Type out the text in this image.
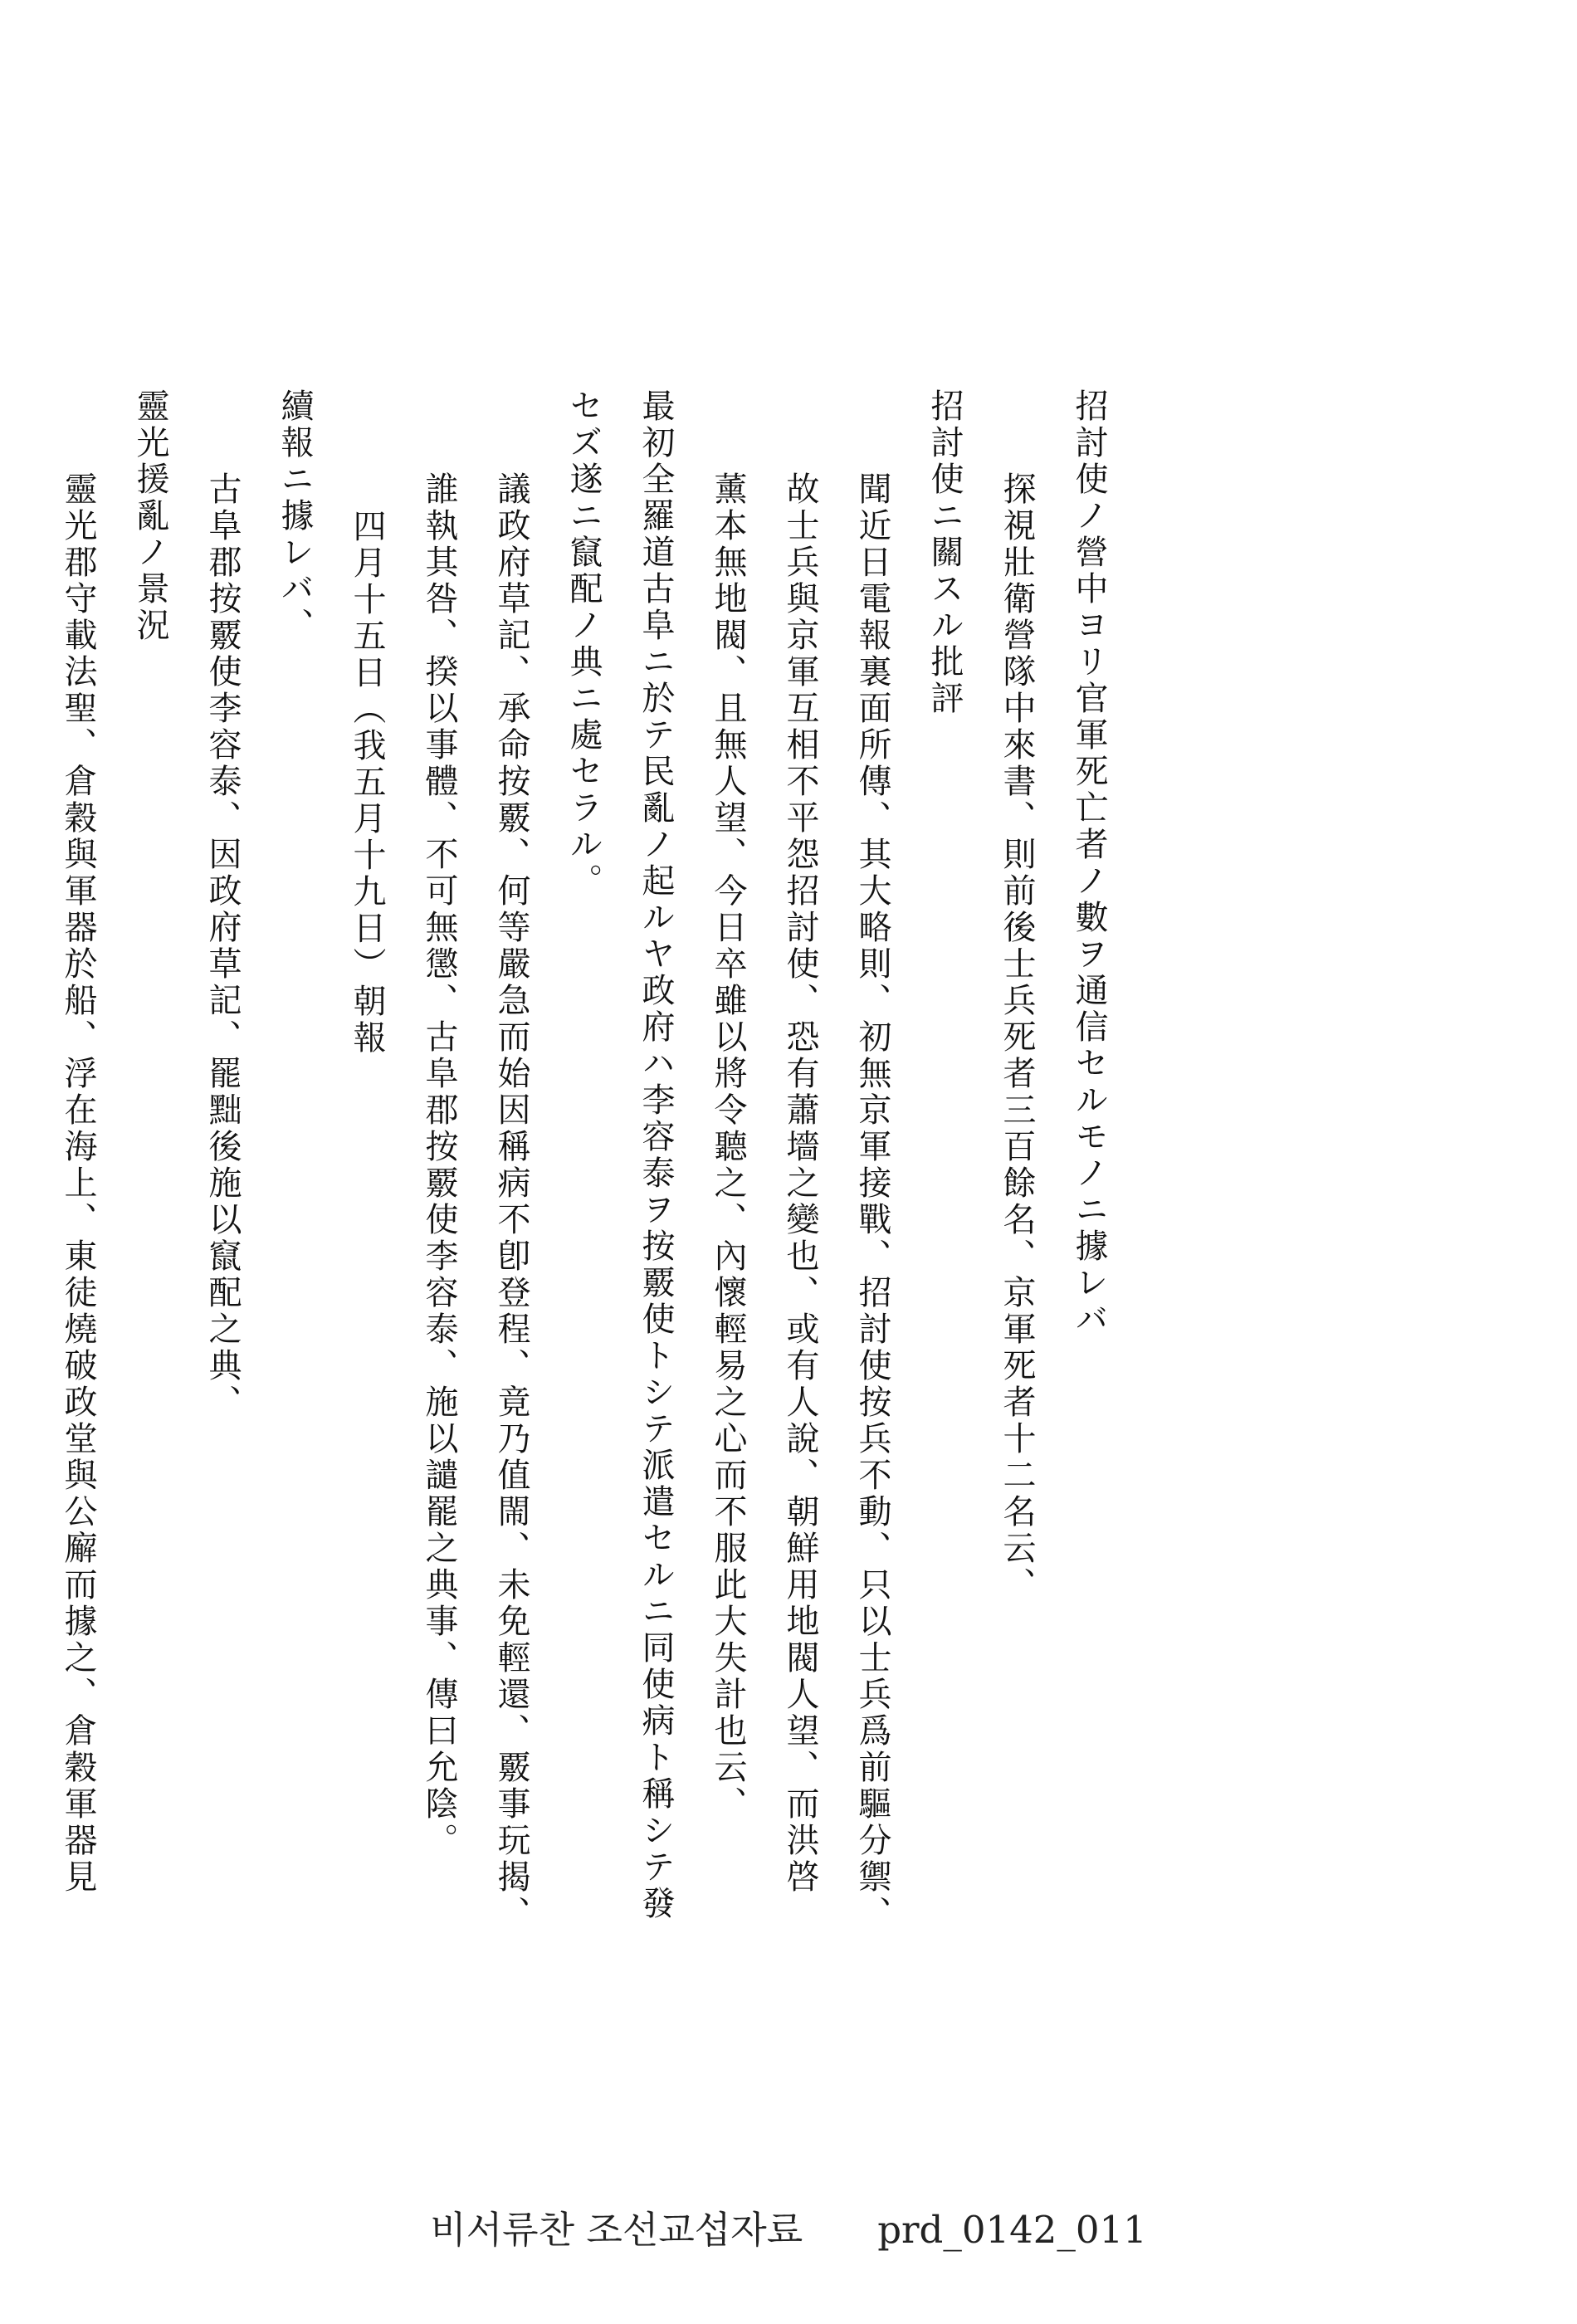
招討使ノ營中ヨリ官軍死亡者ノ數ヲ通信セルモノニ據レバ
探視壯衛營隊中來書、則前後士兵死者三百餘名、京軍死者十二名云、
招討使ニ關スル批評
聞近日電報裏面所傳、其大略則、初無京軍接戰、招討使按兵不動、只以士兵爲前驅分禦、
故士兵與京軍互相不平怨招討使、恐有蕭墻之變也、或有人說、朝鮮用地閥人望、而洪啓
薰本無地閥、且無人望、今日卒雖以將令聽之、內懷輕易之心而不服此大失計也云、
最初全羅道古阜ニ於テ民亂ノ起ルヤ政府ハ李容泰ヲ按覈使トシテ派遣セルニ同使病ト稱シテ發
セズ遂ニ竄配ノ典ニ處セラル。
議政府草記、承命按覈、何等嚴急而始因稱病不卽登程、竟乃值閙、未免輕還、覈事玩揭、
誰執其咎、揆以事體、不可無懲、古阜郡按覈使李容泰、施以譴罷之典事、傳曰允陰。
四月十五日（我五月十九日）朝報
續報ニ據レバ、
古阜郡按覈使李容泰、因政府草記、罷黜後施以竄配之典、
靈光援亂ノ景況
靈光郡守載法聖、倉穀與軍器於船、浮在海上、東徒燒破政堂與公廨而據之、倉穀軍器見
비서류찬 조선교섭자료 prd_0142_011
